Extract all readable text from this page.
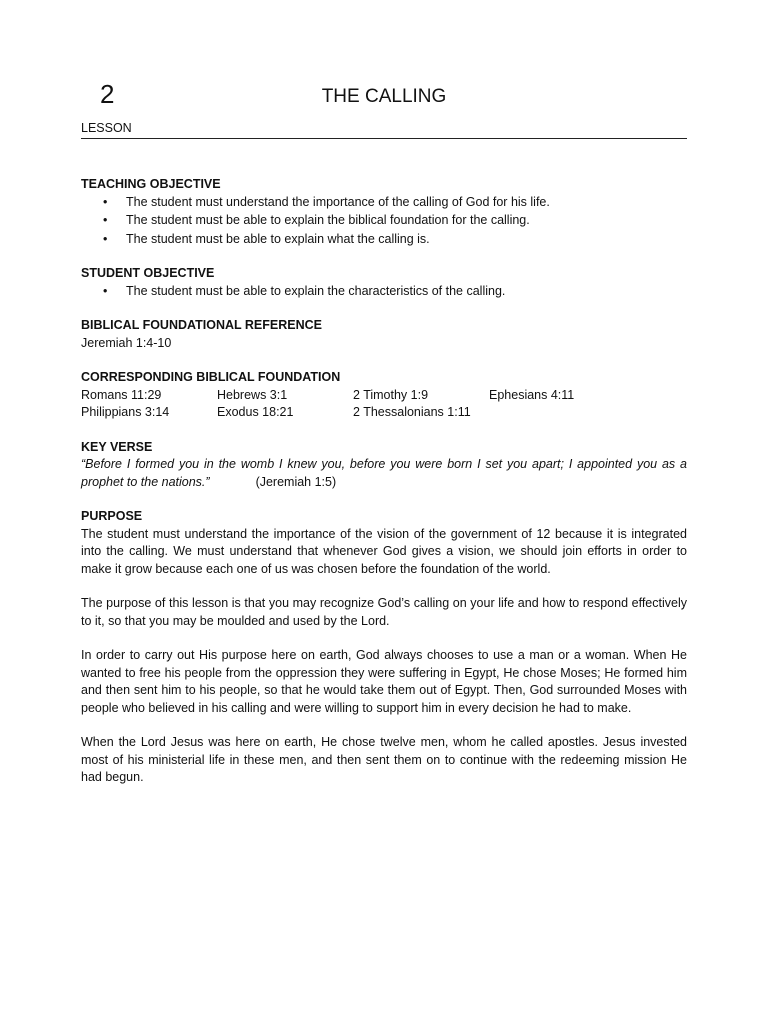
2	THE CALLING
LESSON
TEACHING OBJECTIVE
• The student must understand the importance of the calling of God for his life.
• The student must be able to explain the biblical foundation for the calling.
• The student must be able to explain what the calling is.
STUDENT OBJECTIVE
• The student must be able to explain the characteristics of the calling.
BIBLICAL FOUNDATIONAL REFERENCE
Jeremiah 1:4-10
CORRESPONDING BIBLICAL FOUNDATION
Romans 11:29	Hebrews 3:1	2 Timothy 1:9	Ephesians 4:11
Philippians 3:14	Exodus 18:21	2 Thessalonians 1:11
KEY VERSE
“Before I formed you in the womb I knew you, before you were born I set you apart; I appointed you as a prophet to the nations.”	(Jeremiah 1:5)
PURPOSE

The student must understand the importance of the vision of the government of 12 because it is integrated into the calling. We must understand that whenever God gives a vision, we should join efforts in order to make it grow because each one of us was chosen before the foundation of the world.

The purpose of this lesson is that you may recognize God’s calling on your life and how to respond effectively to it, so that you may be moulded and used by the Lord.

In order to carry out His purpose here on earth, God always chooses to use a man or a woman. When He wanted to free his people from the oppression they were suffering in Egypt, He chose Moses; He formed him and then sent him to his people, so that he would take them out of Egypt. Then, God surrounded Moses with people who believed in his calling and were willing to support him in every decision he had to make.

When the Lord Jesus was here on earth, He chose twelve men, whom he called apostles. Jesus invested most of his ministerial life in these men, and then sent them on to continue with the redeeming mission He had begun.
